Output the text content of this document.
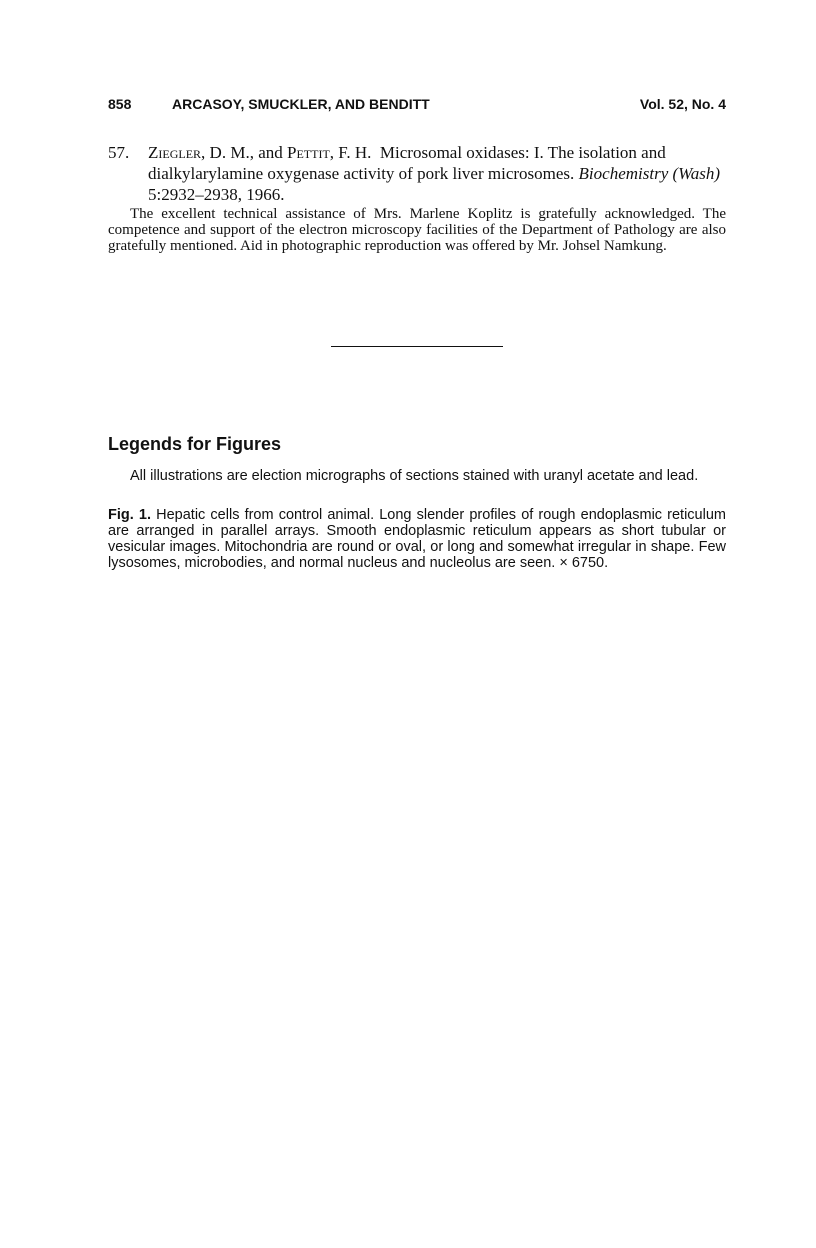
858	ARCASOY, SMUCKLER, AND BENDITT	Vol. 52, No. 4
57. Ziegler, D. M., and Pettit, F. H. Microsomal oxidases: I. The isolation and dialkylarylamine oxygenase activity of pork liver microsomes. Biochemistry (Wash) 5:2932–2938, 1966.

The excellent technical assistance of Mrs. Marlene Koplitz is gratefully acknowledged. The competence and support of the electron microscopy facilities of the Department of Pathology are also gratefully mentioned. Aid in photographic reproduction was offered by Mr. Johsel Namkung.

Legends for Figures

All illustrations are election micrographs of sections stained with uranyl acetate and lead.

Fig. 1. Hepatic cells from control animal. Long slender profiles of rough endoplasmic reticulum are arranged in parallel arrays. Smooth endoplasmic reticulum appears as short tubular or vesicular images. Mitochondria are round or oval, or long and somewhat irregular in shape. Few lysosomes, microbodies, and normal nucleus and nucleolus are seen. × 6750.
